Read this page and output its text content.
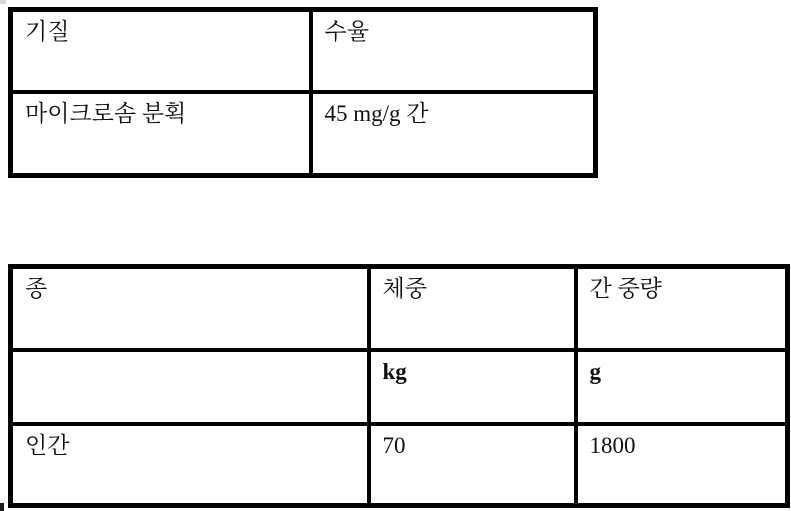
기질	수율
마이크로솜 분획	45 mg/g 간
종	체중	간 중량
	kg	g
인간	70	1800
